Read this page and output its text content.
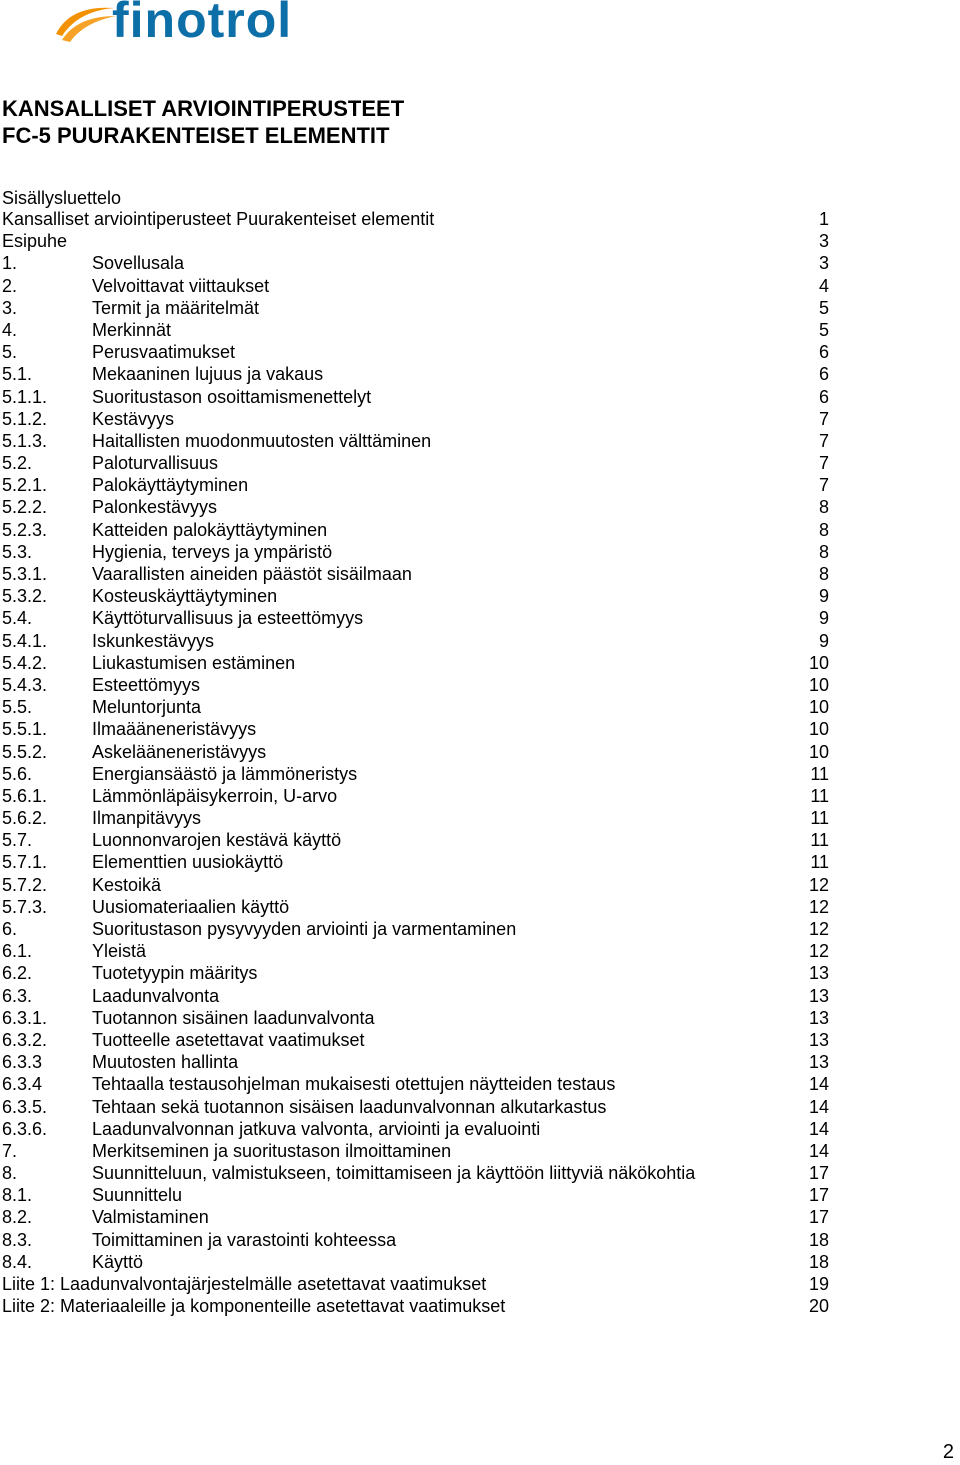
finotrol
KANSALLISET ARVIOINTIPERUSTEET
FC-5 PUURAKENTEISET ELEMENTIT
Sisällysluettelo
Kansalliset arviointiperusteet Puurakenteiset elementit	1
Esipuhe	3
1.	Sovellusala	3
2.	Velvoittavat viittaukset	4
3.	Termit ja määritelmät	5
4.	Merkinnät	5
5.	Perusvaatimukset	6
5.1.	Mekaaninen lujuus ja vakaus	6
5.1.1. Suoritustason osoittamismenettelyt	6
5.1.2. Kestävyys	7
5.1.3. Haitallisten muodonmuutosten välttäminen	7
5.2.	Paloturvallisuus	7
5.2.1. Palokäyttäytyminen	7
5.2.2. Palonkestävyys	8
5.2.3. Katteiden palokäyttäytyminen	8
5.3.	Hygienia, terveys ja ympäristö	8
5.3.1. Vaarallisten aineiden päästöt sisäilmaan	8
5.3.2. Kosteuskäyttäytyminen	9
5.4.	Käyttöturvallisuus ja esteettömyys	9
5.4.1. Iskunkestävyys	9
5.4.2. Liukastumisen estäminen	10
5.4.3. Esteettömyys	10
5.5.	Meluntorjunta	10
5.5.1. Ilmaääneneristävyys	10
5.5.2. Askelääneneristävyys	10
5.6.	Energiansäästö ja lämmöneristys	11
5.6.1. Lämmönläpäisykerroin, U-arvo	11
5.6.2. Ilmanpitävyys	11
5.7.	Luonnonvarojen kestävä käyttö	11
5.7.1. Elementtien uusiokäyttö	11
5.7.2. Kestoikä	12
5.7.3. Uusiomateriaalien käyttö	12
6.	Suoritustason pysyvyyden arviointi ja varmentaminen	12
6.1.	Yleistä	12
6.2.	Tuotetyypin määritys	13
6.3.	Laadunvalvonta	13
6.3.1. Tuotannon sisäinen laadunvalvonta	13
6.3.2. Tuotteelle asetettavat vaatimukset	13
6.3.3	Muutosten hallinta	13
6.3.4	Tehtaalla testausohjelman mukaisesti otettujen näytteiden testaus	14
6.3.5. Tehtaan sekä tuotannon sisäisen laadunvalvonnan alkutarkastus	14
6.3.6. Laadunvalvonnan jatkuva valvonta, arviointi ja evaluointi	14
7.	Merkitseminen ja suoritustason ilmoittaminen	14
8.	Suunnitteluun, valmistukseen, toimittamiseen ja käyttöön liittyviä näkökohtia	17
8.1.	Suunnittelu	17
8.2.	Valmistaminen	17
8.3.	Toimittaminen ja varastointi kohteessa	18
8.4.	Käyttö	18
Liite 1: Laadunvalvontajärjestelmälle asetettavat vaatimukset	19
Liite 2: Materiaaleille ja komponenteille asetettavat vaatimukset	20
2
